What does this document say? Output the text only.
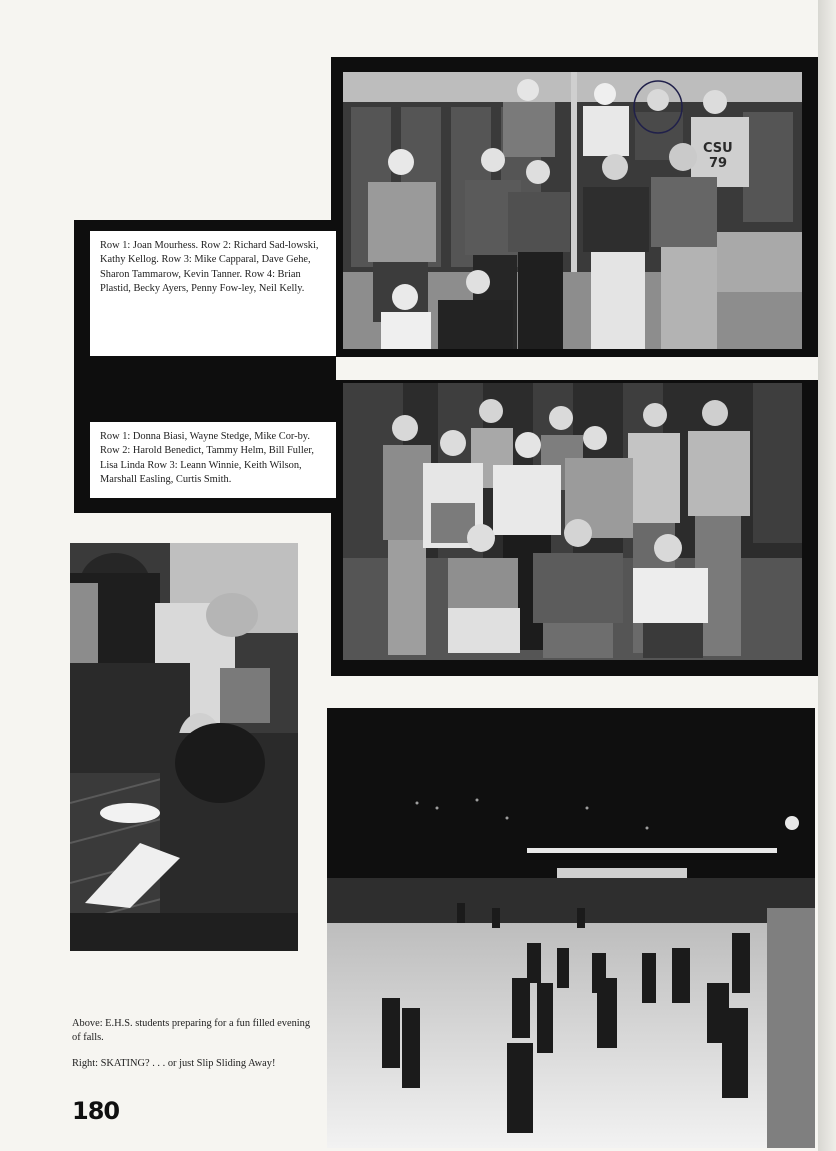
CSU
79

Row 1: Joan Mourhess. Row 2: Richard Sad-lowski, Kathy Kellog. Row 3: Mike Capparal, Dave Gehe, Sharon Tammarow, Kevin Tanner. Row 4: Brian Plastid, Becky Ayers, Penny Fow-ley, Neil Kelly.

Row 1: Donna Biasi, Wayne Stedge, Mike Cor-by. Row 2: Harold Benedict, Tammy Helm, Bill Fuller, Lisa Linda Row 3: Leann Winnie, Keith Wilson, Marshall Easling, Curtis Smith.

Above: E.H.S. students preparing for a fun filled evening of falls.

Right: SKATING? . . . or just Slip Sliding Away!

180
